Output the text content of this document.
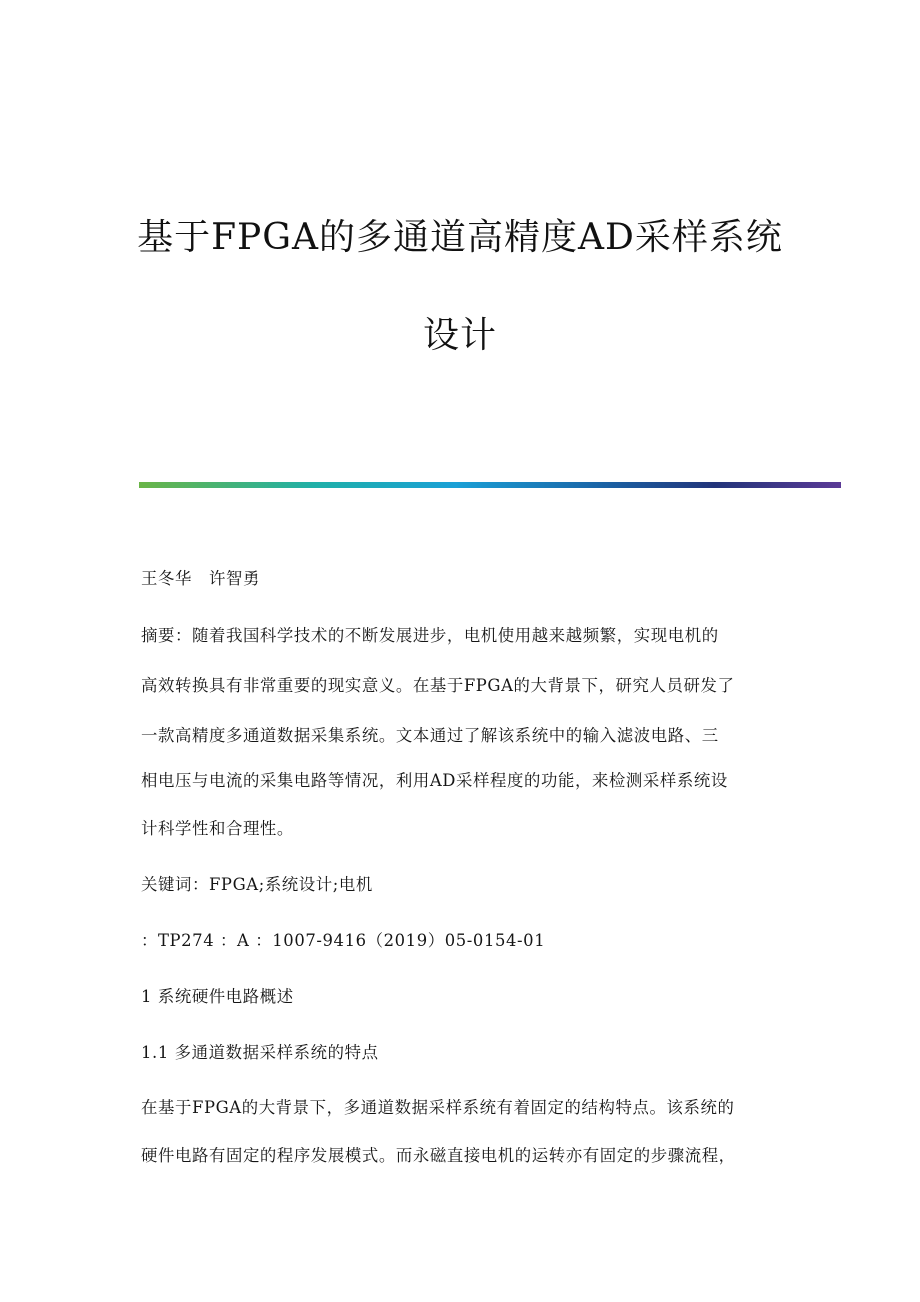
基于FPGA的多通道高精度AD采样系统
设计
王冬华　许智勇
摘要：随着我国科学技术的不断发展进步，电机使用越来越频繁，实现电机的
高效转换具有非常重要的现实意义。在基于FPGA的大背景下，研究人员研发了
一款高精度多通道数据采集系统。文本通过了解该系统中的输入滤波电路、三
相电压与电流的采集电路等情况，利用AD采样程度的功能，来检测采样系统设
计科学性和合理性。
关键词：FPGA;系统设计;电机
：TP274 ：A ：1007-9416（2019）05-0154-01
1 系统硬件电路概述
1.1 多通道数据采样系统的特点
在基于FPGA的大背景下，多通道数据采样系统有着固定的结构特点。该系统的
硬件电路有固定的程序发展模式。而永磁直接电机的运转亦有固定的步骤流程，
